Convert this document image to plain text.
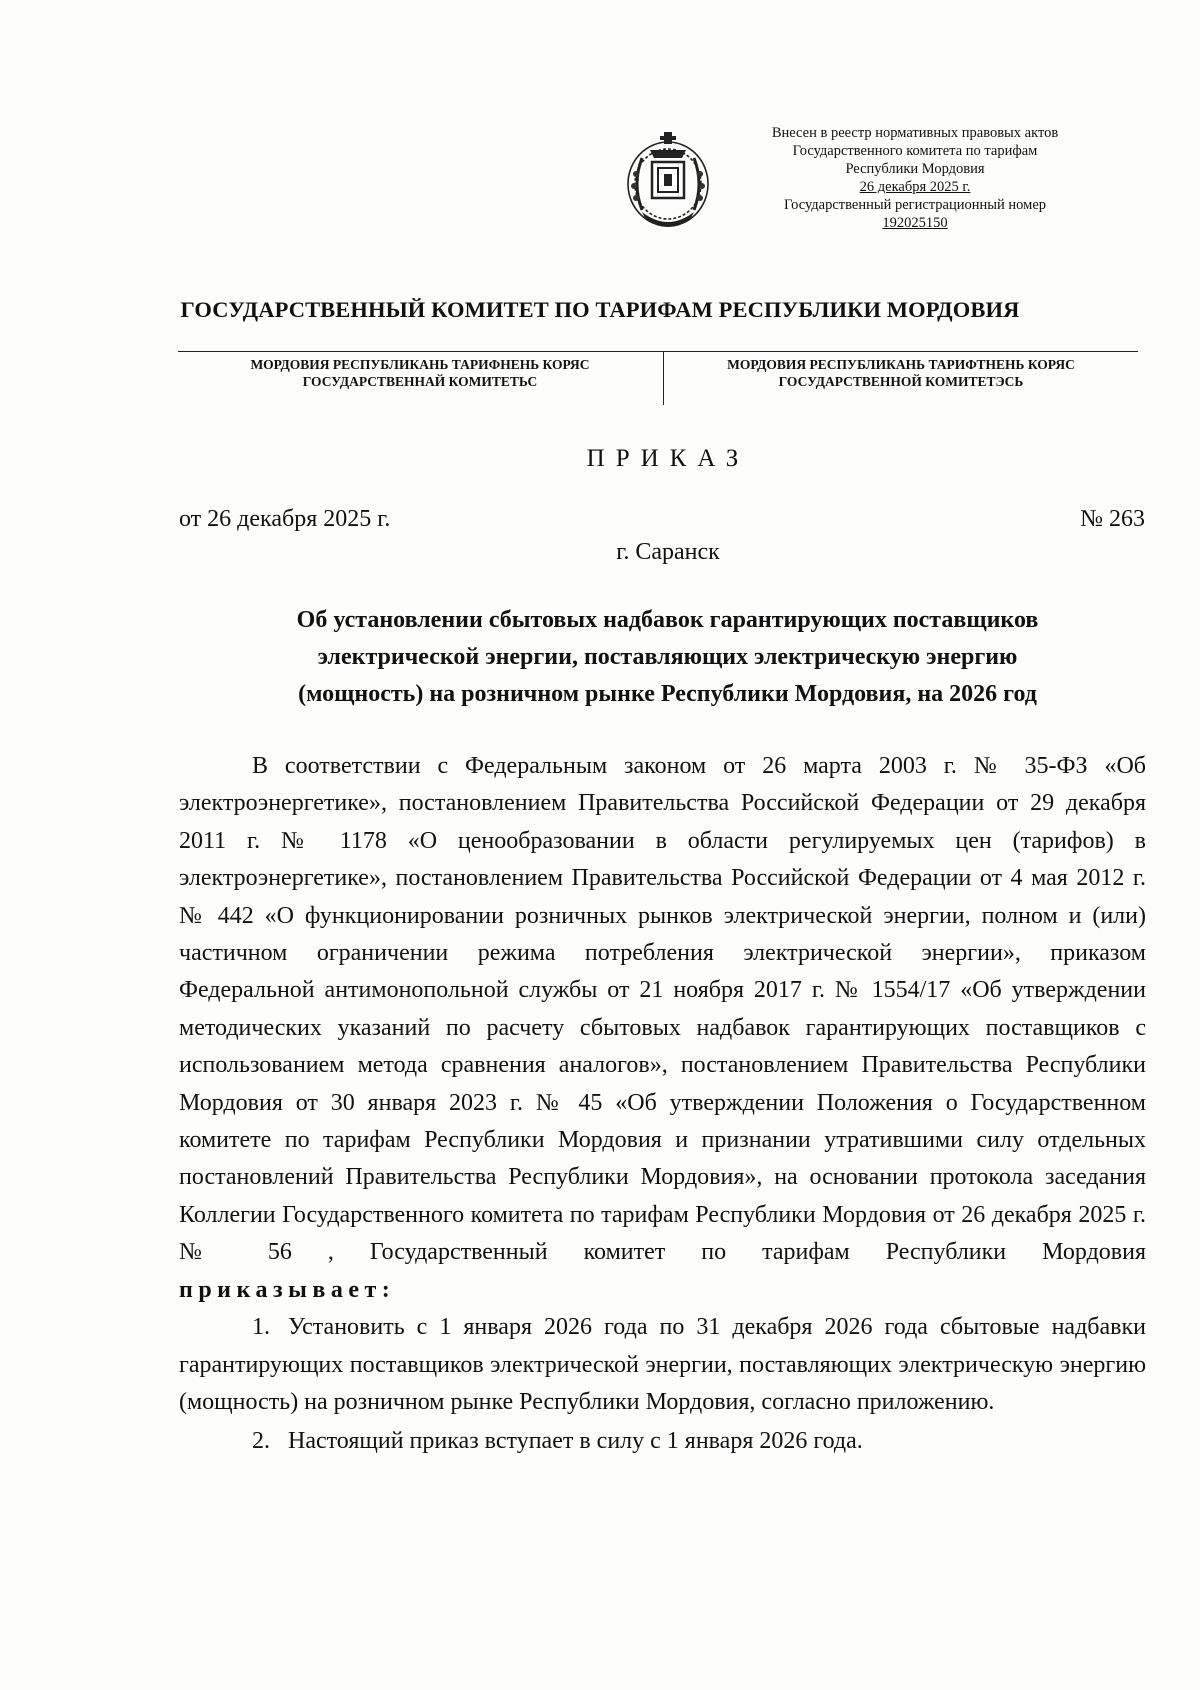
Внесен в реестр нормативных правовых актов
Государственного комитета по тарифам
Республики Мордовия
26 декабря 2025 г.
Государственный регистрационный номер
192025150
ГОСУДАРСТВЕННЫЙ КОМИТЕТ ПО ТАРИФАМ РЕСПУБЛИКИ МОРДОВИЯ
МОРДОВИЯ РЕСПУБЛИКАНЬ ТАРИФНЕНЬ КОРЯС
ГОСУДАРСТВЕННАЙ КОМИТЕТЬС
МОРДОВИЯ РЕСПУБЛИКАНЬ ТАРИФТНЕНЬ КОРЯС
ГОСУДАРСТВЕННОЙ КОМИТЕТЭСЬ
ПРИКАЗ
от 26 декабря 2025 г.	№ 263
г. Саранск
Об установлении сбытовых надбавок гарантирующих поставщиков
электрической энергии, поставляющих электрическую энергию
(мощность) на розничном рынке Республики Мордовия, на 2026 год

В соответствии с Федеральным законом от 26 марта 2003 г. № 35-ФЗ «Об электроэнергетике», постановлением Правительства Российской Федерации от 29 декабря 2011 г. № 1178 «О ценообразовании в области регулируемых цен (тарифов) в электроэнергетике», постановлением Правительства Российской Федерации от 4 мая 2012 г. № 442 «О функционировании розничных рынков электрической энергии, полном и (или) частичном ограничении режима потребления электрической энергии», приказом Федеральной антимонопольной службы от 21 ноября 2017 г. № 1554/17 «Об утверждении методических указаний по расчету сбытовых надбавок гарантирующих поставщиков с использованием метода сравнения аналогов», постановлением Правительства Республики Мордовия от 30 января 2023 г. № 45 «Об утверждении Положения о Государственном комитете по тарифам Республики Мордовия и признании утратившими силу отдельных постановлений Правительства Республики Мордовия», на основании протокола заседания Коллегии Государственного комитета по тарифам Республики Мордовия от 26 декабря 2025 г. № 56 , Государственный комитет по тарифам Республики Мордовия

приказывает:

1. Установить с 1 января 2026 года по 31 декабря 2026 года сбытовые надбавки гарантирующих поставщиков электрической энергии, поставляющих электрическую энергию (мощность) на розничном рынке Республики Мордовия, согласно приложению.

2. Настоящий приказ вступает в силу с 1 января 2026 года.
